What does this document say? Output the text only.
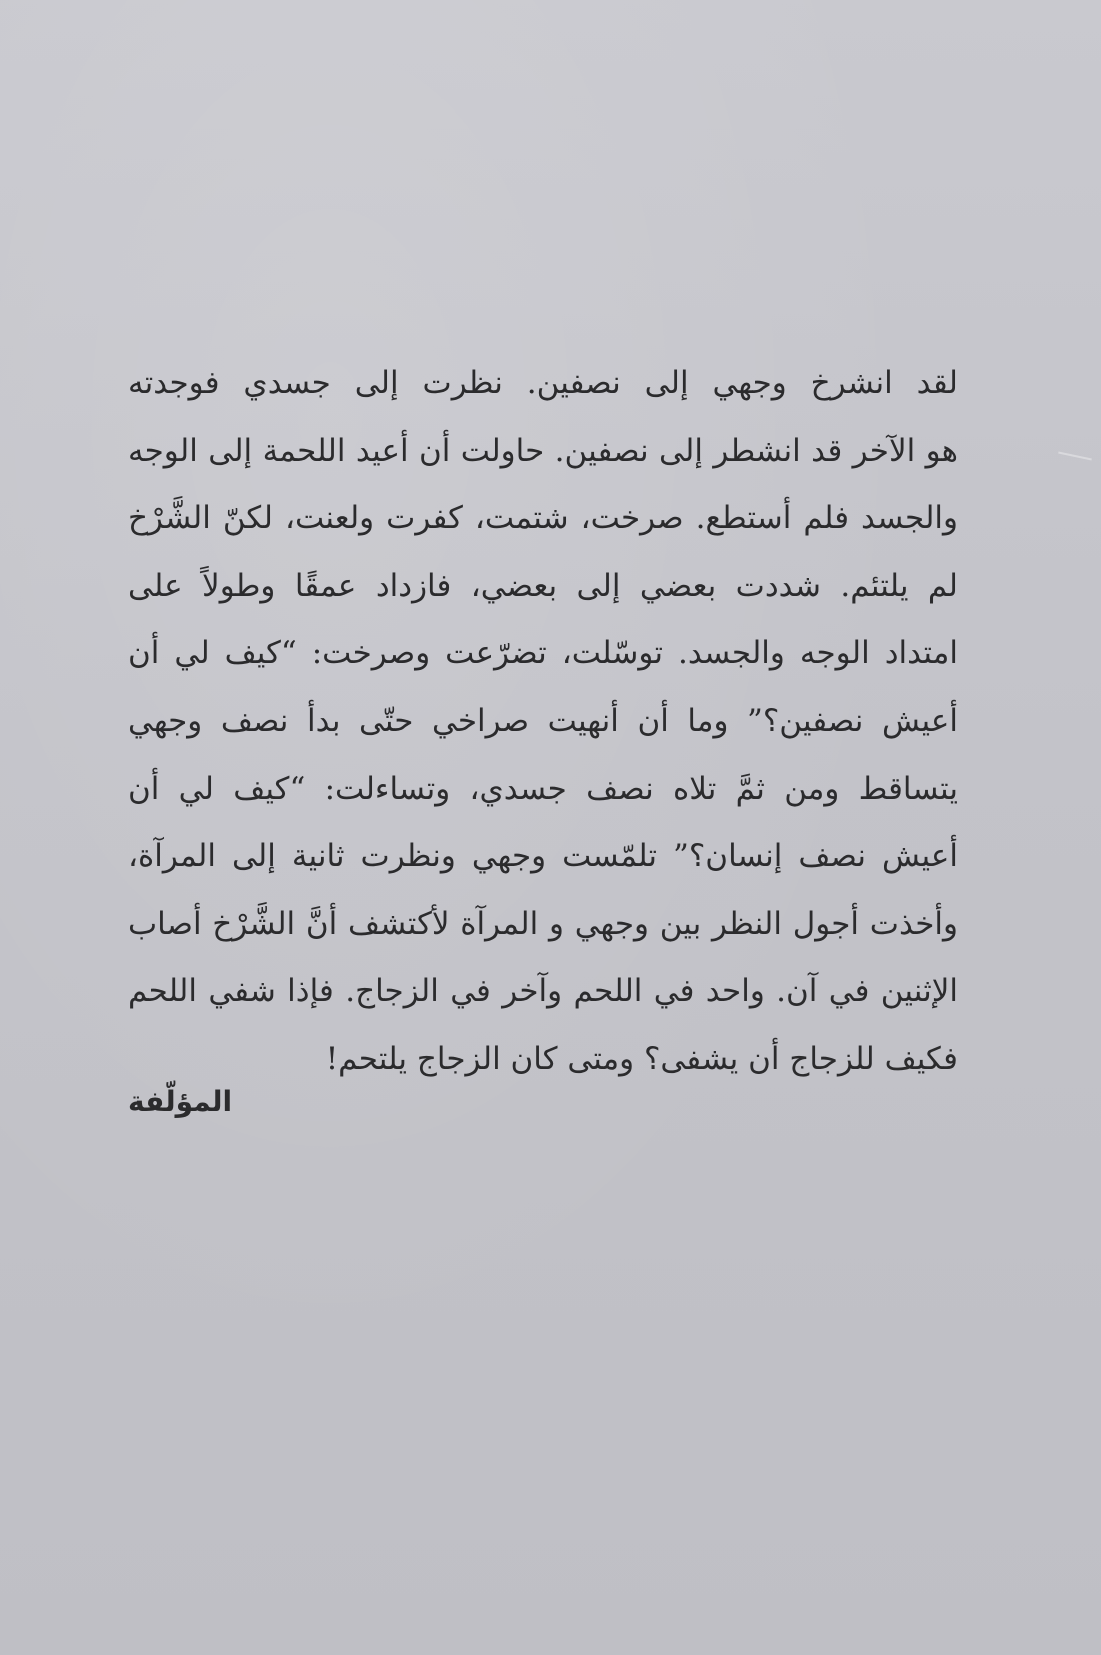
لقد انشرخ وجهي إلى نصفين. نظرت إلى جسدي فوجدته
هو الآخر قد انشطر إلى نصفين. حاولت أن أعيد اللحمة إلى الوجه
والجسد فلم أستطع. صرخت، شتمت، كفرت ولعنت، لكنّ الشَّرْخ
لم يلتئم. شددت بعضي إلى بعضي، فازداد عمقًا وطولاً على
امتداد الوجه والجسد. توسّلت، تضرّعت وصرخت: “كيف لي أن
أعيش نصفين؟” وما أن أنهيت صراخي حتّى بدأ نصف وجهي
يتساقط ومن ثمَّ تلاه نصف جسدي، وتساءلت: “كيف لي أن
أعيش نصف إنسان؟” تلمّست وجهي ونظرت ثانية إلى المرآة،
وأخذت أجول النظر بين وجهي و المرآة لأكتشف أنَّ الشَّرْخ أصاب
الإثنين في آن. واحد في اللحم وآخر في الزجاج. فإذا شفي اللحم
فكيف للزجاج أن يشفى؟ ومتى كان الزجاج يلتحم!
المؤلّفة
